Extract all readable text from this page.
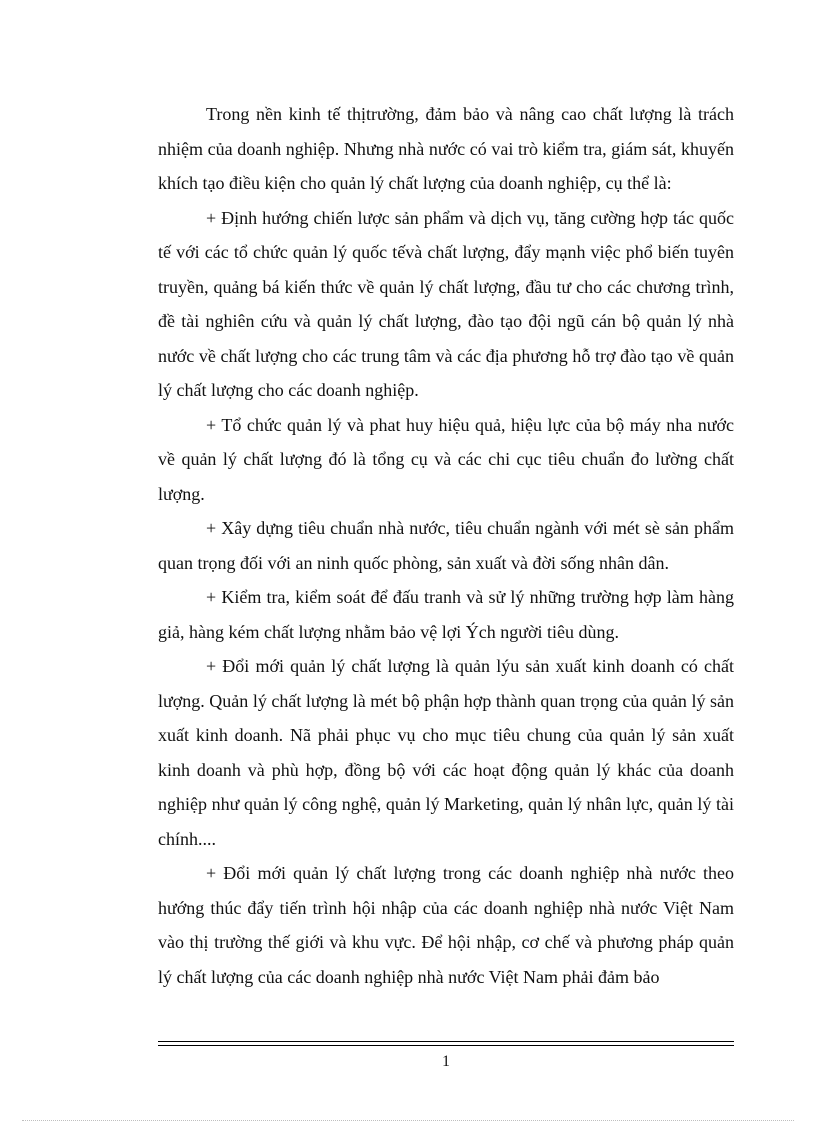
Trong nền kinh tế thịtrường, đảm bảo và nâng cao chất lượng là trách nhiệm của doanh nghiệp. Nhưng nhà nước có vai trò kiểm tra, giám sát, khuyến khích tạo điều kiện cho quản lý chất lượng của doanh nghiệp, cụ thể là:

+ Định hướng chiến lược sản phẩm và dịch vụ, tăng cường hợp tác quốc tế với các tổ chức quản lý quốc tếvà chất lượng, đẩy mạnh việc phổ biến tuyên truyền, quảng bá kiến thức về quản lý chất lượng, đầu tư cho các chương trình, đề tài nghiên cứu và quản lý chất lượng, đào tạo đội ngũ cán bộ quản lý nhà nước về chất lượng cho các trung tâm và các địa phương hỗ trợ đào tạo về quản lý chất lượng cho các doanh nghiệp.

+ Tổ chức quản lý và phat huy hiệu quả, hiệu lực của bộ máy nha nước về quản lý chất lượng đó là tổng cụ và các chi cục tiêu chuẩn đo lường chất lượng.

+ Xây dựng tiêu chuẩn nhà nước, tiêu chuẩn ngành với mét sè sản phẩm quan trọng đối với an ninh quốc phòng, sản xuất và đời sống nhân dân.

+ Kiểm tra, kiểm soát để đấu tranh và sử lý những trường hợp làm hàng giả, hàng kém chất lượng nhằm bảo vệ lợi Ých người tiêu dùng.

+ Đổi mới quản lý chất lượng là quản lýu sản xuất kinh doanh có chất lượng. Quản lý chất lượng là mét bộ phận hợp thành quan trọng của quản lý sản xuất kinh doanh. Nã phải phục vụ cho mục tiêu chung của quản lý sản xuất kinh doanh và phù hợp, đồng bộ với các hoạt động quản lý khác của doanh nghiệp như quản lý công nghệ, quản lý Marketing, quản lý nhân lực, quản lý tài chính....

+ Đổi mới quản lý chất lượng trong các doanh nghiệp nhà nước theo hướng thúc đẩy tiến trình hội nhập của các doanh nghiệp nhà nước Việt Nam vào thị trường thế giới và khu vực. Để hội nhập, cơ chế và phương pháp quản lý chất lượng của các doanh nghiệp nhà nước Việt Nam phải đảm bảo

1
